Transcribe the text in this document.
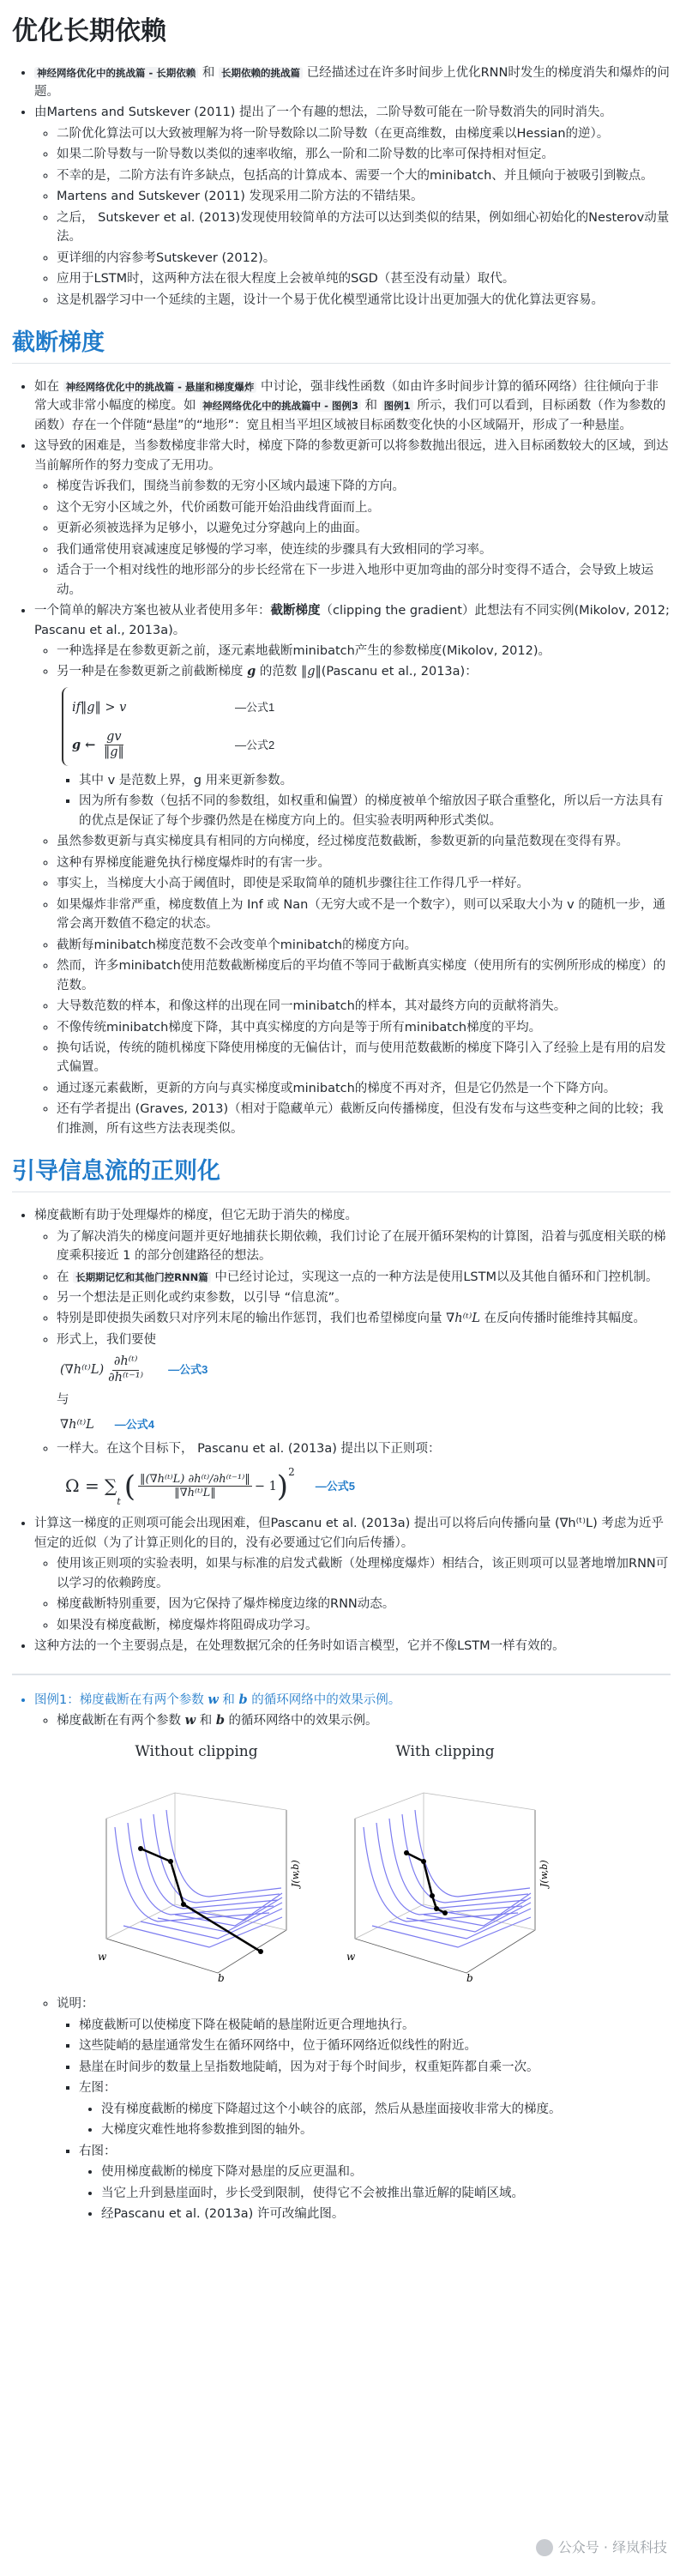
优化长期依赖
• 神经网络优化中的挑战篇 - 长期依赖 和 长期依赖的挑战篇 已经描述过在许多时间步上优化RNN时发生的梯度消失和爆炸的问题。
• 由Martens and Sutskever (2011) 提出了一个有趣的想法，二阶导数可能在一阶导数消失的同时消失。
◦ 二阶优化算法可以大致被理解为将一阶导数除以二阶导数（在更高维数，由梯度乘以Hessian的逆）。
◦ 如果二阶导数与一阶导数以类似的速率收缩，那么一阶和二阶导数的比率可保持相对恒定。
◦ 不幸的是，二阶方法有许多缺点，包括高的计算成本、需要一个大的minibatch、并且倾向于被吸引到鞍点。
◦ Martens and Sutskever (2011) 发现采用二阶方法的不错结果。
◦ 之后， Sutskever et al. (2013)发现使用较简单的方法可以达到类似的结果，例如细心初始化的Nesterov动量法。
◦ 更详细的内容参考Sutskever (2012)。
◦ 应用于LSTM时，这两种方法在很大程度上会被单纯的SGD（甚至没有动量）取代。
◦ 这是机器学习中一个延续的主题，设计一个易于优化模型通常比设计出更加强大的优化算法更容易。
截断梯度
• 如在 神经网络优化中的挑战篇 - 悬崖和梯度爆炸 中讨论，强非线性函数（如由许多时间步计算的循环网络）往往倾向于非常大或非常小幅度的梯度。如 神经网络优化中的挑战篇中 - 图例3 和 图例1 所示，我们可以看到，目标函数（作为参数的函数）存在一个伴随“悬崖”的“地形”：宽且相当平坦区域被目标函数变化快的小区域隔开，形成了一种悬崖。
• 这导致的困难是，当参数梯度非常大时，梯度下降的参数更新可以将参数抛出很远，进入目标函数较大的区域，到达当前解所作的努力变成了无用功。
◦ 梯度告诉我们，围绕当前参数的无穷小区域内最速下降的方向。
◦ 这个无穷小区域之外，代价函数可能开始沿曲线背面而上。
◦ 更新必须被选择为足够小，以避免过分穿越向上的曲面。
◦ 我们通常使用衰减速度足够慢的学习率，使连续的步骤具有大致相同的学习率。
◦ 适合于一个相对线性的地形部分的步长经常在下一步进入地形中更加弯曲的部分时变得不适合，会导致上坡运动。
• 一个简单的解决方案也被从业者使用多年：截断梯度（clipping the gradient）此想法有不同实例(Mikolov, 2012; Pascanu et al., 2013a)。
◦ 一种选择是在参数更新之前，逐元素地截断minibatch产生的参数梯度(Mikolov, 2012)。
◦ 另一种是在参数更新之前截断梯度 g 的范数 ‖g‖(Pascanu et al., 2013a)：
if‖g‖ > v	—公式1
g ← $\frac{gv}{‖g‖}$	—公式2
▪ 其中 v 是范数上界，g 用来更新参数。
▪ 因为所有参数（包括不同的参数组，如权重和偏置）的梯度被单个缩放因子联合重整化，所以后一方法具有的优点是保证了每个步骤仍然是在梯度方向上的。但实验表明两种形式类似。
◦ 虽然参数更新与真实梯度具有相同的方向梯度，经过梯度范数截断，参数更新的向量范数现在变得有界。
◦ 这种有界梯度能避免执行梯度爆炸时的有害一步。
◦ 事实上，当梯度大小高于阈值时，即使是采取简单的随机步骤往往工作得几乎一样好。
◦ 如果爆炸非常严重，梯度数值上为 Inf 或 Nan（无穷大或不是一个数字），则可以采取大小为 v 的随机一步，通常会离开数值不稳定的状态。
◦ 截断每minibatch梯度范数不会改变单个minibatch的梯度方向。
◦ 然而，许多minibatch使用范数截断梯度后的平均值不等同于截断真实梯度（使用所有的实例所形成的梯度）的范数。
◦ 大导数范数的样本，和像这样的出现在同一minibatch的样本，其对最终方向的贡献将消失。
◦ 不像传统minibatch梯度下降，其中真实梯度的方向是等于所有minibatch梯度的平均。
◦ 换句话说，传统的随机梯度下降使用梯度的无偏估计，而与使用范数截断的梯度下降引入了经验上是有用的启发式偏置。
◦ 通过逐元素截断，更新的方向与真实梯度或minibatch的梯度不再对齐，但是它仍然是一个下降方向。
◦ 还有学者提出 (Graves, 2013)（相对于隐藏单元）截断反向传播梯度，但没有发布与这些变种之间的比较；我们推测，所有这些方法表现类似。
引导信息流的正则化
• 梯度截断有助于处理爆炸的梯度，但它无助于消失的梯度。
◦ 为了解决消失的梯度问题并更好地捕获长期依赖，我们讨论了在展开循环架构的计算图，沿着与弧度相关联的梯度乘积接近 1 的部分创建路径的想法。
◦ 在 长期期记忆和其他门控RNN篇 中已经讨论过，实现这一点的一种方法是使用LSTM以及其他自循环和门控机制。
◦ 另一个想法是正则化或约束参数，以引导 “信息流”。
◦ 特别是即使损失函数只对序列末尾的输出作惩罚，我们也希望梯度向量 ∇h⁽ᵗ⁾L 在反向传播时能维持其幅度。
◦ 形式上，我们要使
(∇h⁽ᵗ⁾L) $\frac{\text{∂h⁽ᵗ⁾}}{\text{∂h⁽ᵗ⁻¹⁾}}$ —公式3
与
∇h⁽ᵗ⁾L —公式4
◦ 一样大。在这个目标下， Pascanu et al. (2013a) 提出以下正则项：
Ω = ∑
t ( $\frac{\text{‖(∇h⁽ᵗ⁾L) ∂h⁽ᵗ⁾/∂h⁽ᵗ⁻¹⁾‖}}{\text{‖∇h⁽ᵗ⁾L‖}} - 1$ ) 2
—公式5
• 计算这一梯度的正则项可能会出现困难，但Pascanu et al. (2013a) 提出可以将后向传播向量 (∇h⁽ᵗ⁾L) 考虑为近乎恒定的近似（为了计算正则化的目的，没有必要通过它们向后传播）。
◦ 使用该正则项的实验表明，如果与标准的启发式截断（处理梯度爆炸）相结合，该正则项可以显著地增加RNN可以学习的依赖跨度。
◦ 梯度截断特别重要，因为它保持了爆炸梯度边缘的RNN动态。
◦ 如果没有梯度截断，梯度爆炸将阻碍成功学习。
• 这种方法的一个主要弱点是，在处理数据冗余的任务时如语言模型，它并不像LSTM一样有效的。
• 图例1：梯度截断在有两个参数 w 和 b 的循环网络中的效果示例。
◦ 梯度截断在有两个参数 w 和 b 的循环网络中的效果示例。
Without clipping
w
b
J(w,b)
With clipping
w
b
J(w,b)
◦ 说明：
▪ 梯度截断可以使梯度下降在极陡峭的悬崖附近更合理地执行。
▪ 这些陡峭的悬崖通常发生在循环网络中，位于循环网络近似线性的附近。
▪ 悬崖在时间步的数量上呈指数地陡峭，因为对于每个时间步，权重矩阵都自乘一次。
▪ 左图：
• 没有梯度截断的梯度下降超过这个小峡谷的底部，然后从悬崖面接收非常大的梯度。
• 大梯度灾难性地将参数推到图的轴外。
▪ 右图：
• 使用梯度截断的梯度下降对悬崖的反应更温和。
• 当它上升到悬崖面时，步长受到限制，使得它不会被推出靠近解的陡峭区域。
• 经Pascanu et al. (2013a) 许可改编此图。
公众号 · 绎岚科技
